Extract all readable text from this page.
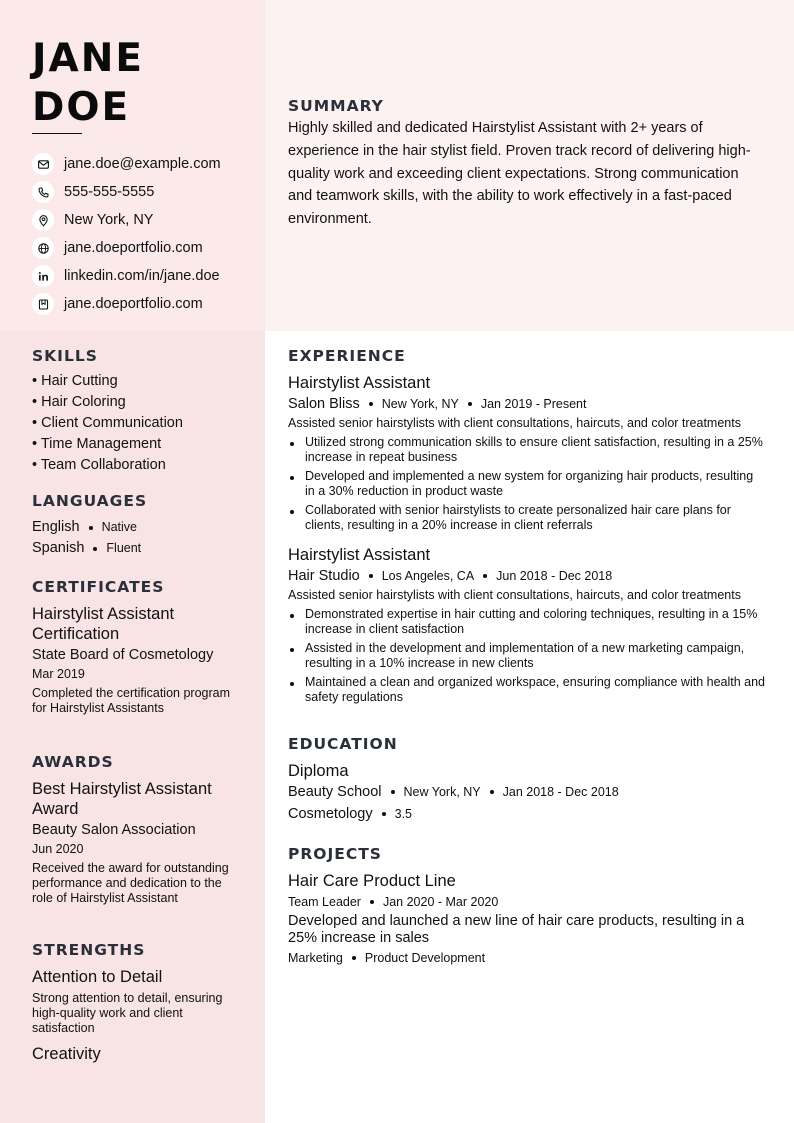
JANE
DOE
jane.doe@example.com
555-555-5555
New York, NY
jane.doeportfolio.com
linkedin.com/in/jane.doe
jane.doeportfolio.com
SUMMARY
Highly skilled and dedicated Hairstylist Assistant with 2+ years of experience in the hair stylist field. Proven track record of delivering high-quality work and exceeding client expectations. Strong communication and teamwork skills, with the ability to work effectively in a fast-paced environment.
SKILLS
• Hair Cutting
• Hair Coloring
• Client Communication
• Time Management
• Team Collaboration
LANGUAGES
English Native
Spanish Fluent
CERTIFICATES
Hairstylist Assistant Certification
State Board of Cosmetology
Mar 2019
Completed the certification program for Hairstylist Assistants
AWARDS
Best Hairstylist Assistant Award
Beauty Salon Association
Jun 2020
Received the award for outstanding performance and dedication to the role of Hairstylist Assistant
STRENGTHS
Attention to Detail
Strong attention to detail, ensuring high-quality work and client satisfaction
Creativity
EXPERIENCE
Hairstylist Assistant
Salon Bliss New York, NY Jan 2019 - Present
Assisted senior hairstylists with client consultations, haircuts, and color treatments
Utilized strong communication skills to ensure client satisfaction, resulting in a 25% increase in repeat business
Developed and implemented a new system for organizing hair products, resulting in a 30% reduction in product waste
Collaborated with senior hairstylists to create personalized hair care plans for clients, resulting in a 20% increase in client referrals
Hairstylist Assistant
Hair Studio Los Angeles, CA Jun 2018 - Dec 2018
Assisted senior hairstylists with client consultations, haircuts, and color treatments
Demonstrated expertise in hair cutting and coloring techniques, resulting in a 15% increase in client satisfaction
Assisted in the development and implementation of a new marketing campaign, resulting in a 10% increase in new clients
Maintained a clean and organized workspace, ensuring compliance with health and safety regulations
EDUCATION
Diploma
Beauty School New York, NY Jan 2018 - Dec 2018
Cosmetology 3.5
PROJECTS
Hair Care Product Line
Team Leader Jan 2020 - Mar 2020
Developed and launched a new line of hair care products, resulting in a 25% increase in sales
Marketing Product Development
